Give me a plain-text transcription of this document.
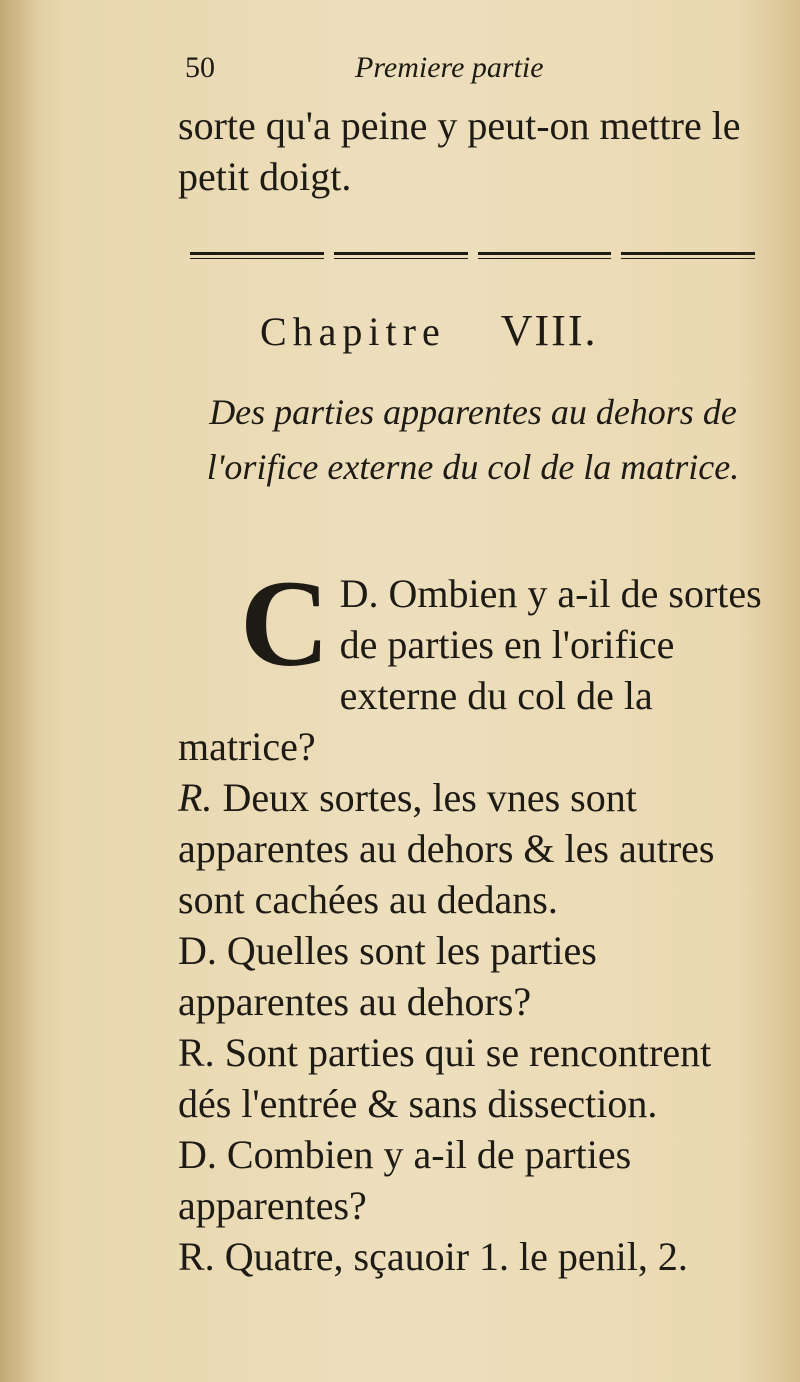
50	Premiere partie
sorte qu'a peine y peut-on mettre le petit doigt.
Chapitre VIII.
Des parties apparentes au dehors de l'orifice externe du col de la matrice.

D.
C Ombien y a-il de sortes de parties en l'orifice externe du col de la matrice?

R. Deux sortes, les vnes sont apparentes au dehors & les autres sont cachées au dedans.

D. Quelles sont les parties apparentes au dehors?

R. Sont parties qui se rencontrent dés l'entrée & sans dissection.

D. Combien y a-il de parties apparentes?

R. Quatre, sçauoir 1. le penil, 2.
